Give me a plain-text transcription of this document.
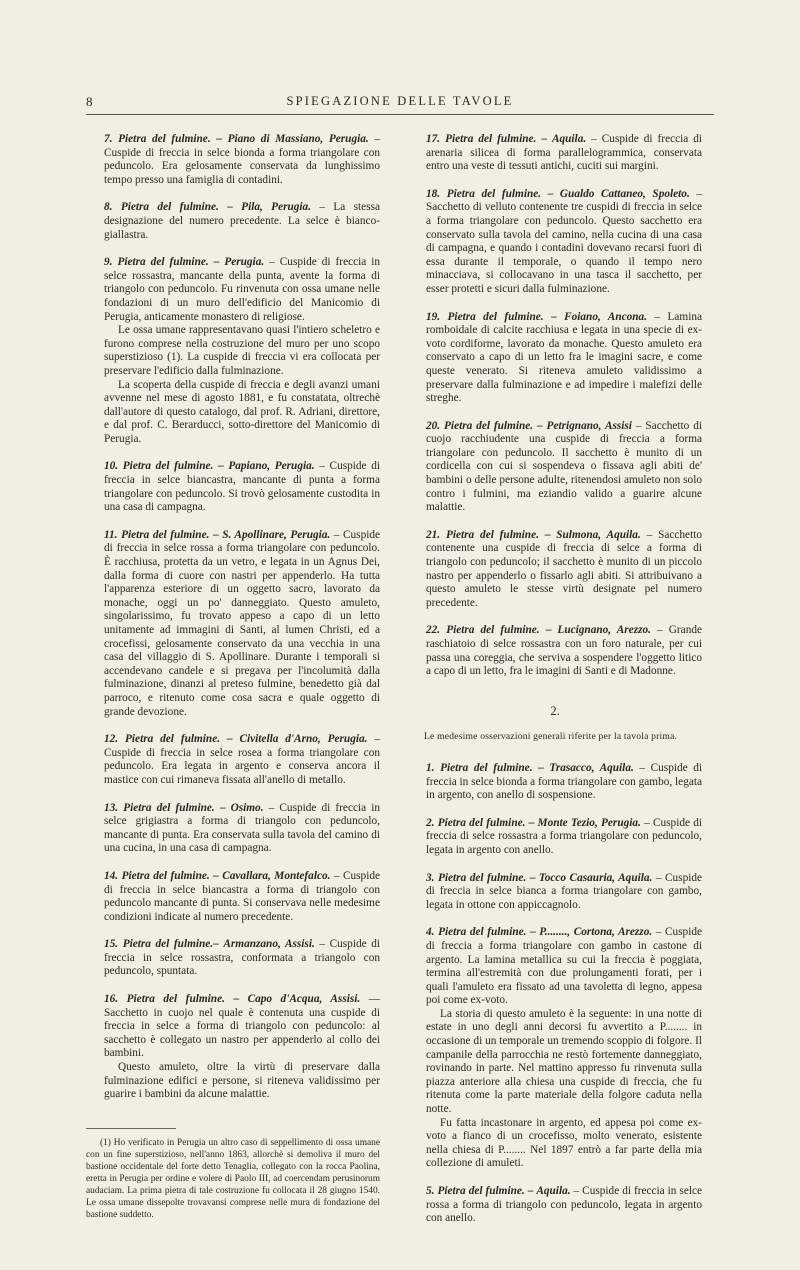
8	SPIEGAZIONE DELLE TAVOLE

7. Pietra del fulmine. – Piano di Massiano, Perugia. – Cuspide di freccia in selce bionda a forma triangolare con peduncolo. Era gelosamente conservata da lunghissimo tempo presso una famiglia di contadini.

8. Pietra del fulmine. – Pila, Perugia. – La stessa designazione del numero precedente. La selce è bianco-giallastra.

9. Pietra del fulmine. – Perugia. – Cuspide di freccia in selce rossastra, mancante della punta, avente la forma di triangolo con peduncolo. Fu rinvenuta con ossa umane nelle fondazioni di un muro dell'edificio del Manicomio di Perugia, anticamente monastero di religiose.

Le ossa umane rappresentavano quasi l'intiero scheletro e furono comprese nella costruzione del muro per uno scopo superstizioso (1). La cuspide di freccia vi era collocata per preservare l'edificio dalla fulminazione.

La scoperta della cuspide di freccia e degli avanzi umani avvenne nel mese di agosto 1881, e fu constatata, oltrechè dall'autore di questo catalogo, dal prof. R. Adriani, direttore, e dal prof. C. Berarducci, sotto-direttore del Manicomio di Perugia.

10. Pietra del fulmine. – Papiano, Perugia. – Cuspide di freccia in selce biancastra, mancante di punta a forma triangolare con peduncolo. Si trovò gelosamente custodita in una casa di campagna.

11. Pietra del fulmine. – S. Apollinare, Perugia. – Cuspide di freccia in selce rossa a forma triangolare con peduncolo. È racchiusa, protetta da un vetro, e legata in un Agnus Dei, dalla forma di cuore con nastri per appenderlo. Ha tutta l'apparenza esteriore di un oggetto sacro, lavorato da monache, oggi un po' danneggiato. Questo amuleto, singolarissimo, fu trovato appeso a capo di un letto unitamente ad immagini di Santi, al lumen Christi, ed a crocefissi, gelosamente conservato da una vecchia in una casa del villaggio di S. Apollinare. Durante i temporali si accendevano candele e si pregava per l'incolumità dalla fulminazione, dinanzi al preteso fulmine, benedetto già dal parroco, e ritenuto come cosa sacra e quale oggetto di grande devozione.

12. Pietra del fulmine. – Civitella d'Arno, Perugia. – Cuspide di freccia in selce rosea a forma triangolare con peduncolo. Era legata in argento e conserva ancora il mastice con cui rimaneva fissata all'anello di metallo.

13. Pietra del fulmine. – Osimo. – Cuspide di freccia in selce grigiastra a forma di triangolo con peduncolo, mancante di punta. Era conservata sulla tavola del camino di una cucina, in una casa di campagna.

14. Pietra del fulmine. – Cavallara, Montefalco. – Cuspide di freccia in selce biancastra a forma di triangolo con peduncolo mancante di punta. Si conservava nelle medesime condizioni indicate al numero precedente.

15. Pietra del fulmine.– Armanzano, Assisi. – Cuspide di freccia in selce rossastra, conformata a triangolo con peduncolo, spuntata.

16. Pietra del fulmine. – Capo d'Acqua, Assisi. — Sacchetto in cuojo nel quale è contenuta una cuspide di freccia in selce a forma di triangolo con peduncolo: al sacchetto è collegato un nastro per appenderlo al collo dei bambini.

Questo amuleto, oltre la virtù di preservare dalla fulminazione edifici e persone, si riteneva validissimo per guarire i bambini da alcune malattie.

(1) Ho verificato in Perugia un altro caso di seppellimento di ossa umane con un fine superstizioso, nell'anno 1863, allorchè si demoliva il muro del bastione occidentale del forte detto Tenaglia, collegato con la rocca Paolina, eretta in Perugia per ordine e volere di Paolo III, ad coercendam perusinorum audaciam. La prima pietra di tale costruzione fu collocata il 28 giugno 1540. Le ossa umane dissepolte trovavansi comprese nelle mura di fondazione del bastione suddetto.

17. Pietra del fulmine. – Aquila. – Cuspide di freccia di arenaria silicea di forma parallelogrammica, conservata entro una veste di tessuti antichi, cuciti sui margini.

18. Pietra del fulmine. – Gualdo Cattaneo, Spoleto. – Sacchetto di velluto contenente tre cuspidi di freccia in selce a forma triangolare con peduncolo. Questo sacchetto era conservato sulla tavola del camino, nella cucina di una casa di campagna, e quando i contadini dovevano recarsi fuori di essa durante il temporale, o quando il tempo nero minacciava, si collocavano in una tasca il sacchetto, per esser protetti e sicuri dalla fulminazione.

19. Pietra del fulmine. – Foiano, Ancona. – Lamina romboidale di calcite racchiusa e legata in una specie di ex-voto cordiforme, lavorato da monache. Questo amuleto era conservato a capo di un letto fra le imagini sacre, e come queste venerato. Si riteneva amuleto validissimo a preservare dalla fulminazione e ad impedire i malefizi delle streghe.

20. Pietra del fulmine. – Petrignano, Assisi – Sacchetto di cuojo racchiudente una cuspide di freccia a forma triangolare con peduncolo. Il sacchetto è munito di un cordicella con cui si sospendeva o fissava agli abiti de' bambini o delle persone adulte, ritenendosi amuleto non solo contro i fulmini, ma eziandio valido a guarire alcune malattie.

21. Pietra del fulmine. – Sulmona, Aquila. – Sacchetto contenente una cuspide di freccia di selce a forma di triangolo con peduncolo; il sacchetto è munito di un piccolo nastro per appenderlo o fissarlo agli abiti. Si attribuivano a questo amuleto le stesse virtù designate pel numero precedente.

22. Pietra del fulmine. – Lucignano, Arezzo. – Grande raschiatoio di selce rossastra con un foro naturale, per cui passa una coreggia, che serviva a sospendere l'oggetto litico a capo di un letto, fra le imagini di Santi e di Madonne.

2.
Le medesime osservazioni generali riferite per la tavola prima.

1. Pietra del fulmine. – Trasacco, Aquila. – Cuspide di freccia in selce bionda a forma triangolare con gambo, legata in argento, con anello di sospensione.

2. Pietra del fulmine. – Monte Tezio, Perugia. – Cuspide di freccia di selce rossastra a forma triangolare con peduncolo, legata in argento con anello.

3. Pietra del fulmine. – Tocco Casauria, Aquila. – Cuspide di freccia in selce bianca a forma triangolare con gambo, legata in ottone con appiccagnolo.

4. Pietra del fulmine. – P........, Cortona, Arezzo. – Cuspide di freccia a forma triangolare con gambo in castone di argento. La lamina metallica su cui la freccia è poggiata, termina all'estremità con due prolungamenti forati, per i quali l'amuleto era fissato ad una tavoletta di legno, appesa poi come ex-voto.

La storia di questo amuleto è la seguente: in una notte di estate in uno degli anni decorsi fu avvertito a P........ in occasione di un temporale un tremendo scoppio di folgore. Il campanile della parrocchia ne restò fortemente danneggiato, rovinando in parte. Nel mattino appresso fu rinvenuta sulla piazza anteriore alla chiesa una cuspide di freccia, che fu ritenuta come la parte materiale della folgore caduta nella notte.

Fu fatta incastonare in argento, ed appesa poi come ex-voto a fianco di un crocefisso, molto venerato, esistente nella chiesa di P........ Nel 1897 entrò a far parte della mia collezione di amuleti.

5. Pietra del fulmine. – Aquila. – Cuspide di freccia in selce rossa a forma di triangolo con peduncolo, legata in argento con anello.
